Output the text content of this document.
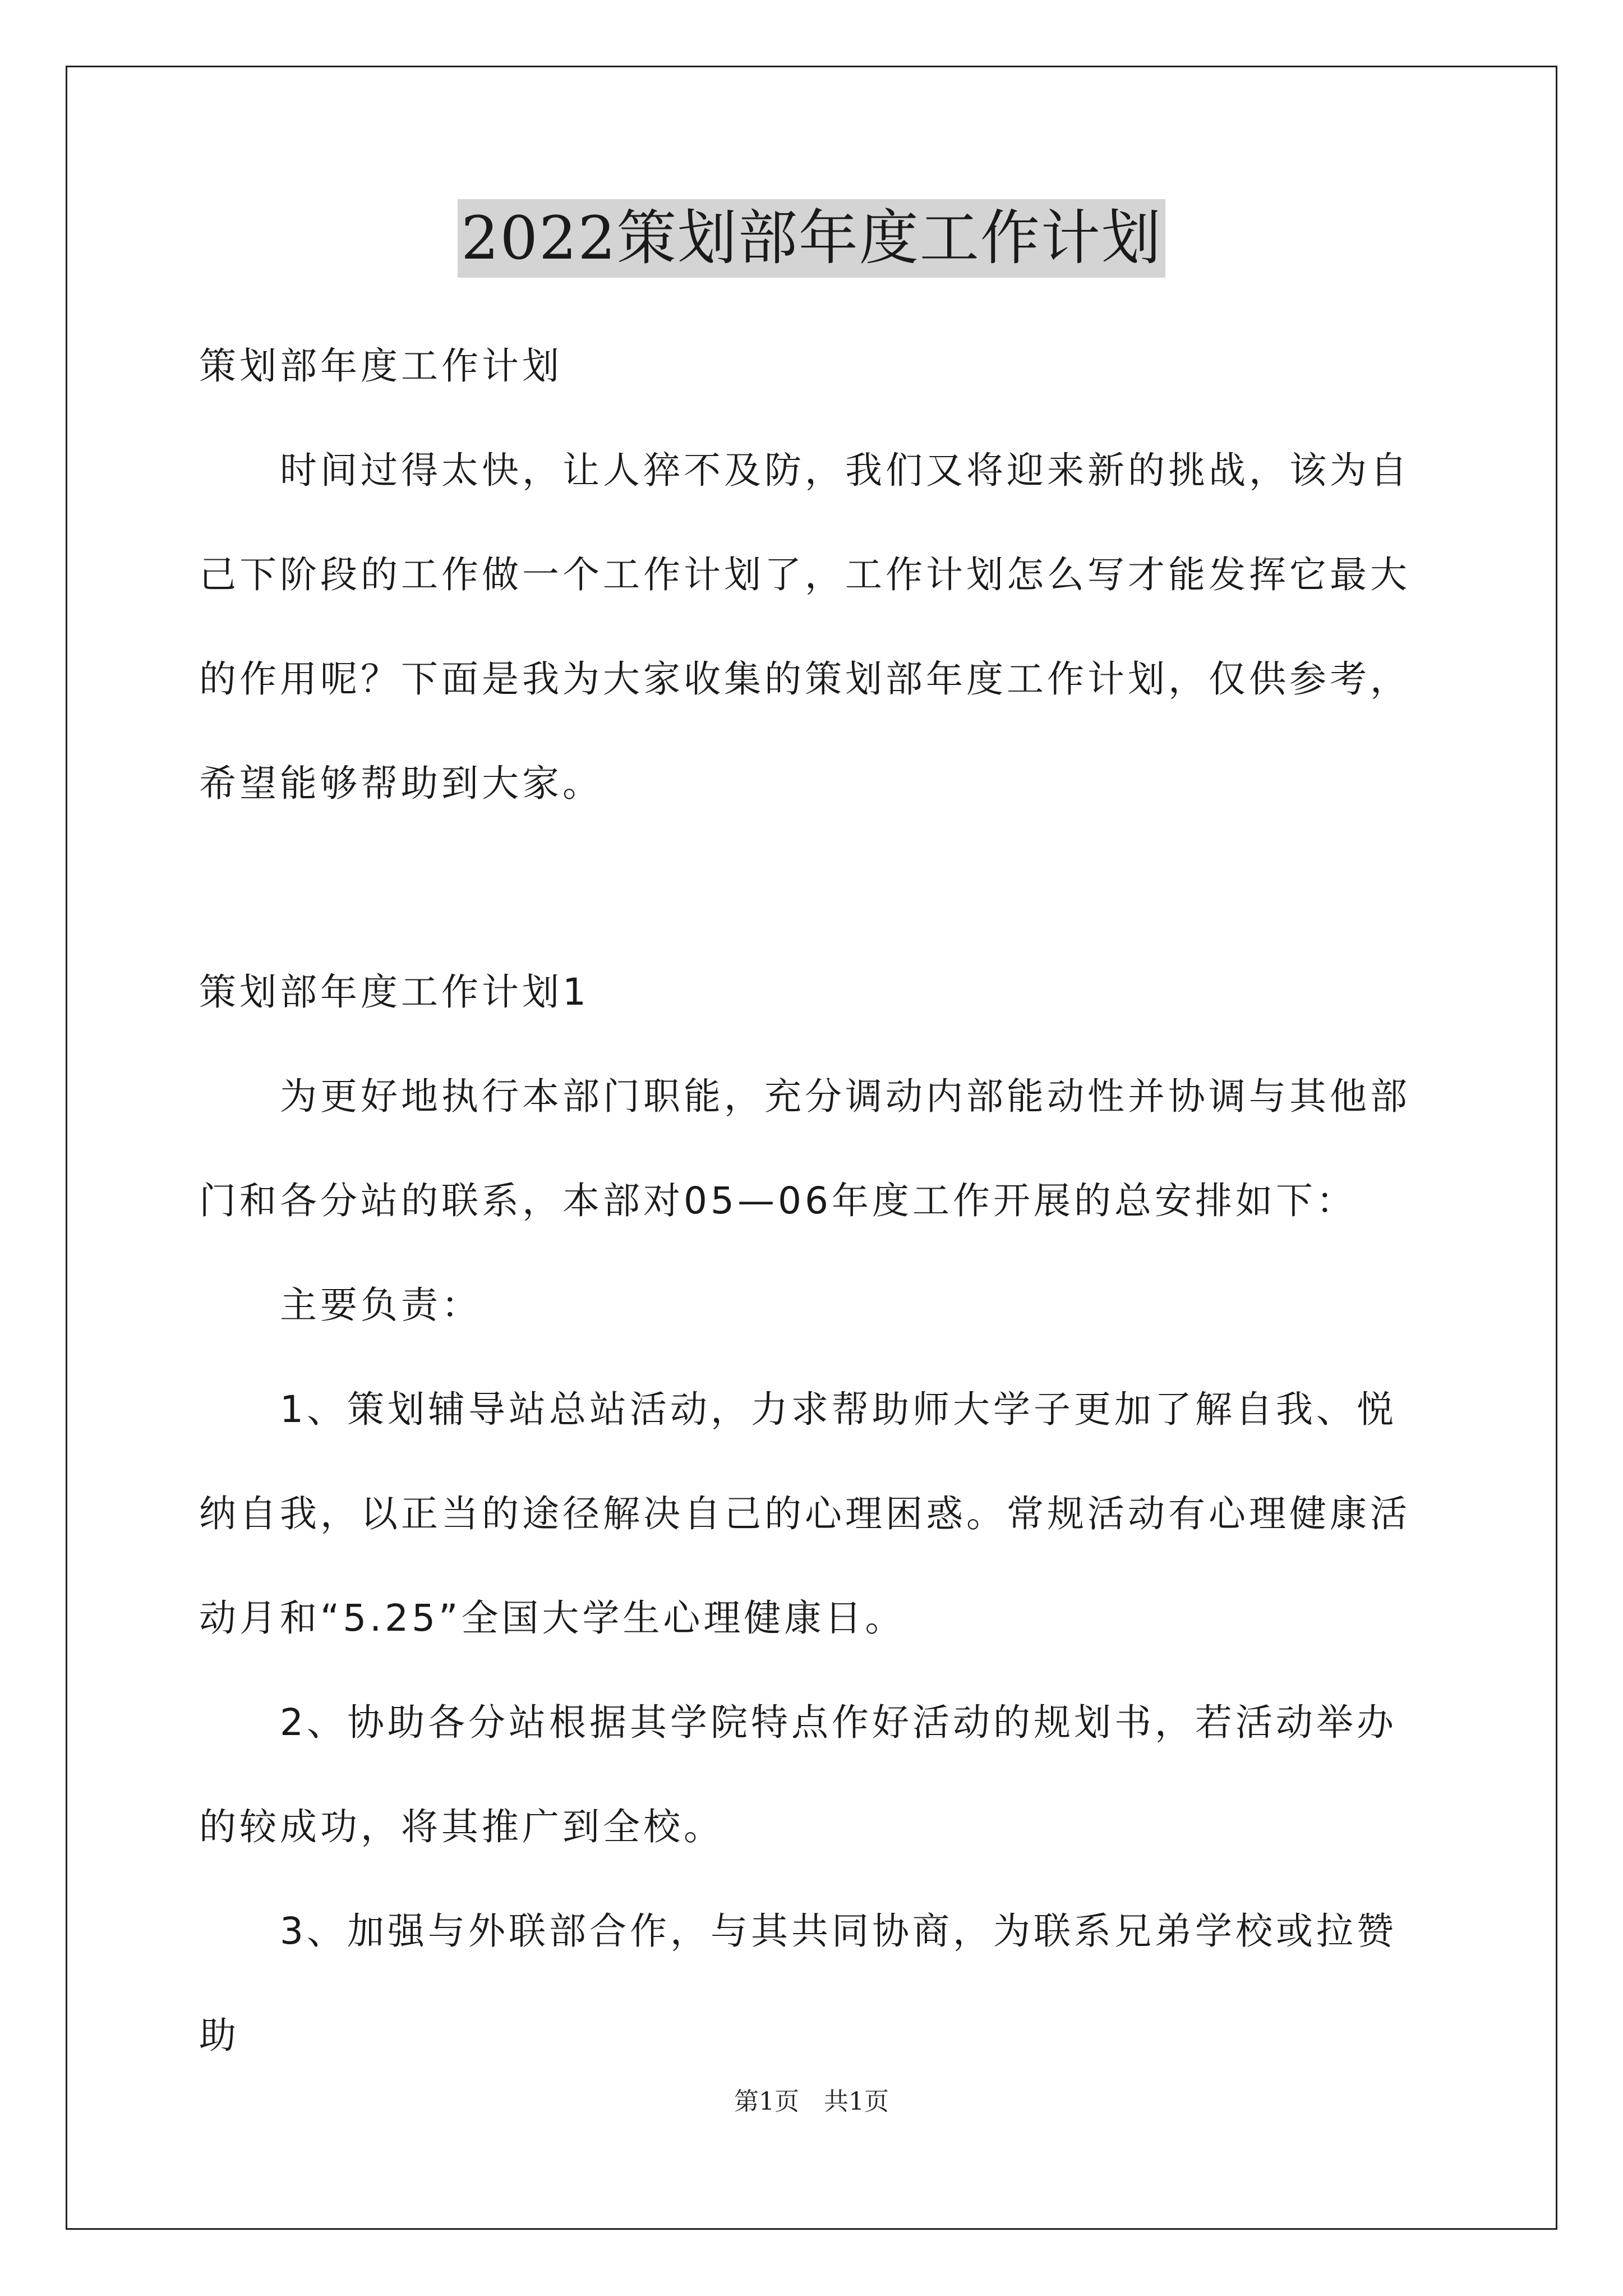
2022策划部年度工作计划
策划部年度工作计划

时间过得太快，让人猝不及防，我们又将迎来新的挑战，该为自己下阶段的工作做一个工作计划了，工作计划怎么写才能发挥它最大的作用呢？下面是我为大家收集的策划部年度工作计划，仅供参考，希望能够帮助到大家。

策划部年度工作计划1

为更好地执行本部门职能，充分调动内部能动性并协调与其他部门和各分站的联系，本部对05—06年度工作开展的总安排如下：

主要负责：

1、策划辅导站总站活动，力求帮助师大学子更加了解自我、悦纳自我，以正当的途径解决自己的心理困惑。常规活动有心理健康活动月和“5.25”全国大学生心理健康日。

2、协助各分站根据其学院特点作好活动的规划书，若活动举办的较成功，将其推广到全校。

3、加强与外联部合作，与其共同协商，为联系兄弟学校或拉赞助

第1页　共1页
